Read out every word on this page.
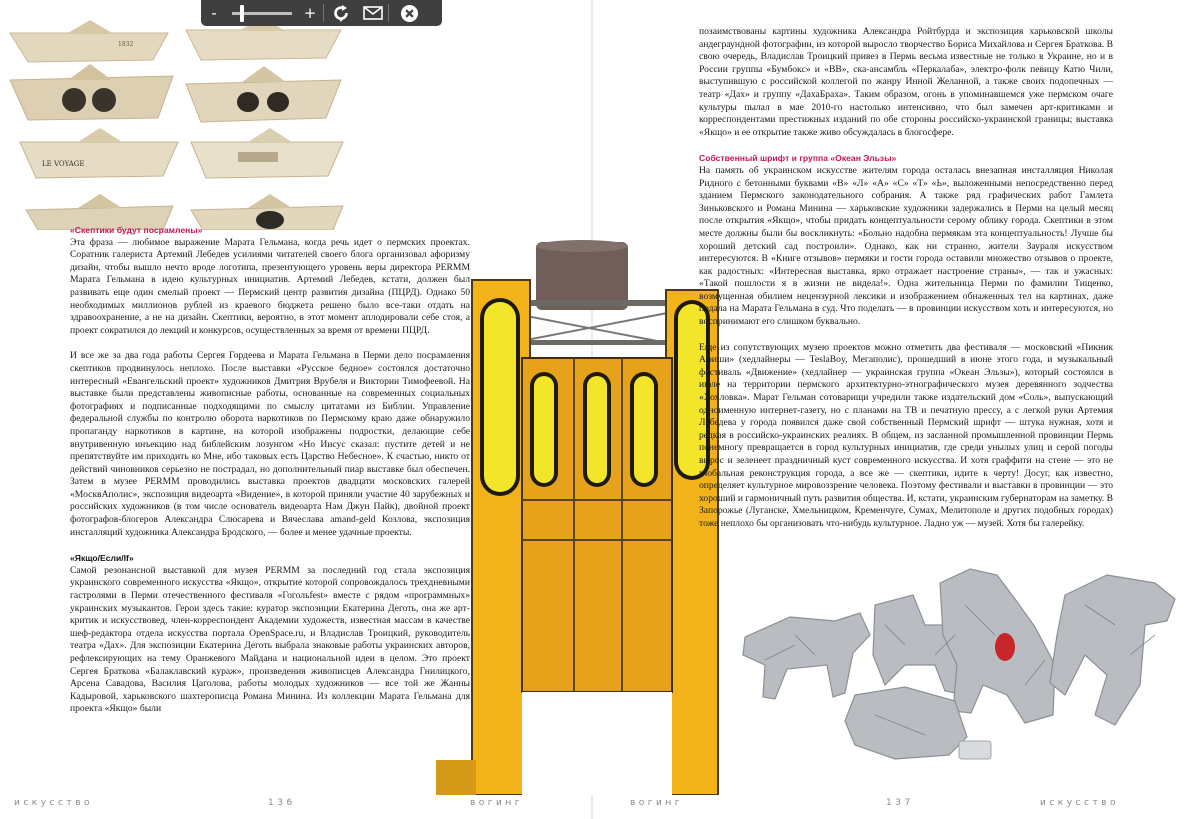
-	+
1832
LE VOYAGE

«Скептики будут посрамлены»

Эта фраза — любимое выражение Марата Гельмана, когда речь идет о пермских проектах. Соратник галериста Артемий Лебедев усилиями читателей своего блога организовал афоризму дизайн, чтобы вышло нечто вроде логотипа, презентующего уровень веры директора PERMM Марата Гельмана в идею культурных инициатив. Артемий Лебедев, кстати, должен был развивать еще один смелый проект — Пермский центр развития дизайна (ПЦРД). Однако 50 необходимых миллионов рублей из краевого бюджета решено было все-таки отдать на здравоохранение, а не на дизайн. Скептики, вероятно, в этот момент аплодировали себе стоя, а проект сократился до лекций и конкурсов, осуществленных за время от времени ПЦРД.

И все же за два года работы Сергея Гордеева и Марата Гельмана в Перми дело посрамления скептиков продвинулось неплохо. После выставки «Русское бедное» состоялся достаточно интересный «Евангельский проект» художников Дмитрия Врубеля и Виктории Тимофеевой. На выставке были представлены живописные работы, основанные на современных социальных фотографиях и подписанные подходящими по смыслу цитатами из Библии. Управление федеральной службы по контролю оборота наркотиков по Пермскому краю даже обнаружило пропаганду наркотиков в картине, на которой изображены подростки, делающие себе внутривенную инъекцию над библейским лозунгом «Но Иисус сказал: пустите детей и не препятствуйте им приходить ко Мне, ибо таковых есть Царство Небесное». К счастью, никто от действий чиновников серьезно не пострадал, но дополнительный пиар выставке был обеспечен. Затем в музее PERMM проводились выставка проектов двадцати московских галерей «МосквАполис», экспозиция видеоарта «Видение», в которой приняли участие 40 зарубежных и российских художников (в том числе основатель видеоарта Нам Джун Пайк), двойной проект фотографов-блогеров Александра Слюсарева и Вячеслава amand-geld Козлова, экспозиция инсталляций художника Александра Бродского, — более и менее удачные проекты.

«Якщо/Если/If»

Самой резонансной выставкой для музея PERMM за последний год стала экспозиция украинского современного искусства «Якщо», открытие которой сопровождалось трехдневными гастролями в Перми отечественного фестиваля «Гогольfest» вместе с рядом «программных» украинских музыкантов. Герои здесь такие: куратор экспозиции Екатерина Деготь, она же арт-критик и искусствовед, член-корреспондент Академии художеств, известная массам в качестве шеф-редактора отдела искусства портала OpenSpace.ru, и Владислав Троицкий, руководитель театра «Дах». Для экспозиции Екатерина Деготь выбрала знаковые работы украинских авторов, рефлексирующих на тему Оранжевого Майдана и национальной идеи в целом. Это проект Сергея Браткова «Балаклавский кураж», произведения живописцев Александра Гнилицкого, Арсена Савадова, Василия Цаголова, работы молодых художников — все той же Жанны Кадыровой, харьковского шахтерописца Романа Минина. Из коллекции Марата Гельмана для проекта «Якщо» были

позаимствованы картины художника Александра Ройтбурда и экспозиция харьковской школы андеграундной фотографии, из которой выросло творчество Бориса Михайлова и Сергея Браткова. В свою очередь, Владислав Троицкий привез в Пермь весьма известные не только в Украине, но и в России группы «Бумбокс» и «ВВ», ска-ансамбль «Перкалаба», электро-фолк певицу Катю Чили, выступившую с российской коллегой по жанру Инной Желанной, а также своих подопечных — театр «Дах» и группу «ДахаБраха». Таким образом, огонь в упоминавшемся уже пермском очаге культуры пылал в мае 2010-го настолько интенсивно, что был замечен арт-критиками и корреспондентами престижных изданий по обе стороны российско-украинской границы; выставка «Якщо» и ее открытие также живо обсуждалась в блогосфере.

Собственный шрифт и группа «Океан Эльзы»

На память об украинском искусстве жителям города осталась внезапная инсталляция Николая Ридного с бетонными буквами «В» «Л» «А» «С» «Т» «Ь», выложенными непосредственно перед зданием Пермского законодательного собрания. А также ряд графических работ Гамлета Зиньковского и Романа Минина — харьковские художники задержались в Перми на целый месяц после открытия «Якщо», чтобы придать концептуальности серому облику города. Скептики в этом месте должны были бы воскликнуть: «Больно надобна пермякам эта концептуальность! Лучше бы хороший детский сад построили». Однако, как ни странно, жители Заураля искусством интересуются. В «Книге отзывов» пермяки и гости города оставили множество отзывов о проекте, как радостных: «Интересная выставка, ярко отражает настроение страны», — так и ужасных: «Такой пошлости я в жизни не видела!». Одна жительница Перми по фамилии Тищенко, возмущенная обилием нецензурной лексики и изображением обнаженных тел на картинах, даже подала на Марата Гельмана в суд. Что поделать — в провинции искусством хоть и интересуются, но воспринимают его слишком буквально.

Еще из сопутствующих музею проектов можно отметить два фестиваля — московский «Пикник Афиши» (хедлайнеры — TeslaBoy, Мегаполис), прошедший в июне этого года, и музыкальный фестиваль «Движение» (хедлайнер — украинская группа «Океан Эльзы»), который состоялся в июле на территории пермского архитектурно-этнографического музея деревянного зодчества «Хохловка». Марат Гельман сотоварищи учредили также издательский дом «Соль», выпускающий одноименную интернет-газету, но с планами на ТВ и печатную прессу, а с легкой руки Артемия Лебедева у города появился даже свой собственный Пермский шрифт — штука нужная, хотя и редкая в российско-украинских реалиях. В общем, из засланной промышленной провинции Пермь понемногу превращается в город культурных инициатив, где среди унылых улиц и серой погоды вырос и зеленеет праздничный куст современного искусства. И хотя граффити на стене — это не глобальная реконструкция города, а все же — скептики, идите к черту! Досуг, как известно, определяет культурное мировоззрение человека. Поэтому фестивали и выставки в провинции — это хороший и гармоничный путь развития общества. И, кстати, украинским губернаторам на заметку. В Запорожье (Луганске, Хмельницком, Кременчуге, Сумах, Мелитополе и других подобных городах) тоже неплохо бы организовать что-нибудь культурное. Ладно уж — музей. Хотя бы галерейку.

искусство	136	вогинг	вогинг	137	искусство
